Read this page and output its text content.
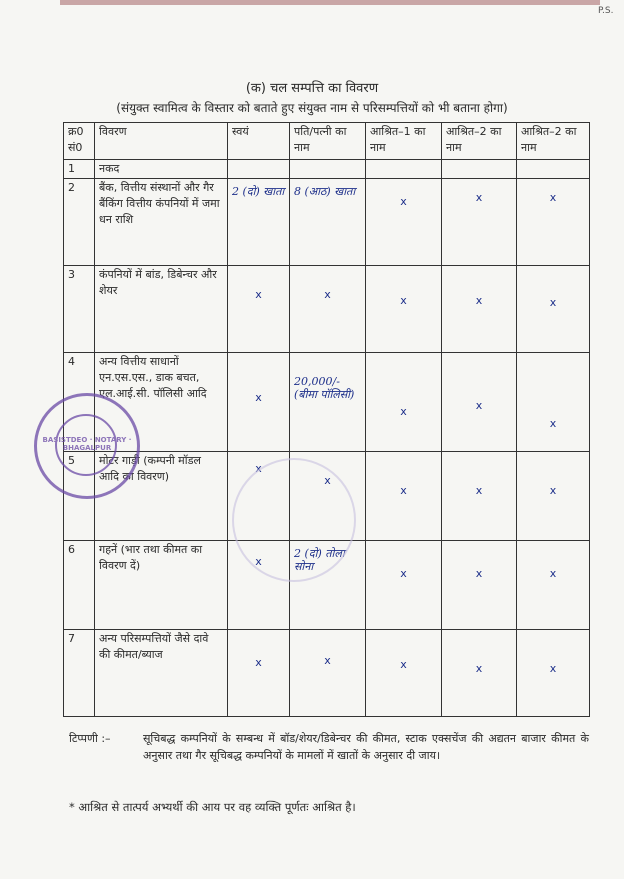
P.S.
(क) चल सम्पत्ति का विवरण
(संयुक्त स्वामित्व के विस्तार को बताते हुए संयुक्त नाम से परिसम्पत्तियों को भी बताना होगा)
क्र0 सं0	विवरण	स्वयं	पति/पत्नी का नाम	आश्रित–1 का नाम	आश्रित–2 का नाम	आश्रित–2 का नाम
1	नकद					
2	बैंक, वित्तीय संस्थानों और गैर बैंकिंग वित्तीय कंपनियों में जमा धन राशि	2 (दो) खाता	8 (आठ) खाता	x	x	x

3	कंपनियों में बांड, डिबेन्चर और शेयर	x	x	x	x	x

4	अन्य वित्तीय साधानों एन.एस.एस., डाक बचत, एल.आई.सी. पॉलिसी आदि	x	20,000/- (बीमा पॉलिसी)	x	x	x

5	मोटर गाड़ी (कम्पनी मॉडल आदि का विवरण)	x	x	x	x	x

6	गहनें (भार तथा कीमत का विवरण दें)	x	2 (दो) तोला सोना	x	x	x

7	अन्य परिसम्पत्तियों जैसे दावे की कीमत/ब्याज	x	x	x	x	x
BASISTDEO · NOTARY · BHAGALPUR
टिप्पणी :–	सूचिबद्ध कम्पनियों के सम्बन्ध में बॉड/शेयर/डिबेन्चर की कीमत, स्टाक एक्सचेंज की अद्यतन बाजार कीमत के अनुसार तथा गैर सूचिबद्ध कम्पनियों के मामलों में खातों के अनुसार दी जाय।
* आश्रित से तात्पर्य अभ्यर्थी की आय पर वह व्यक्ति पूर्णतः आश्रित है।
